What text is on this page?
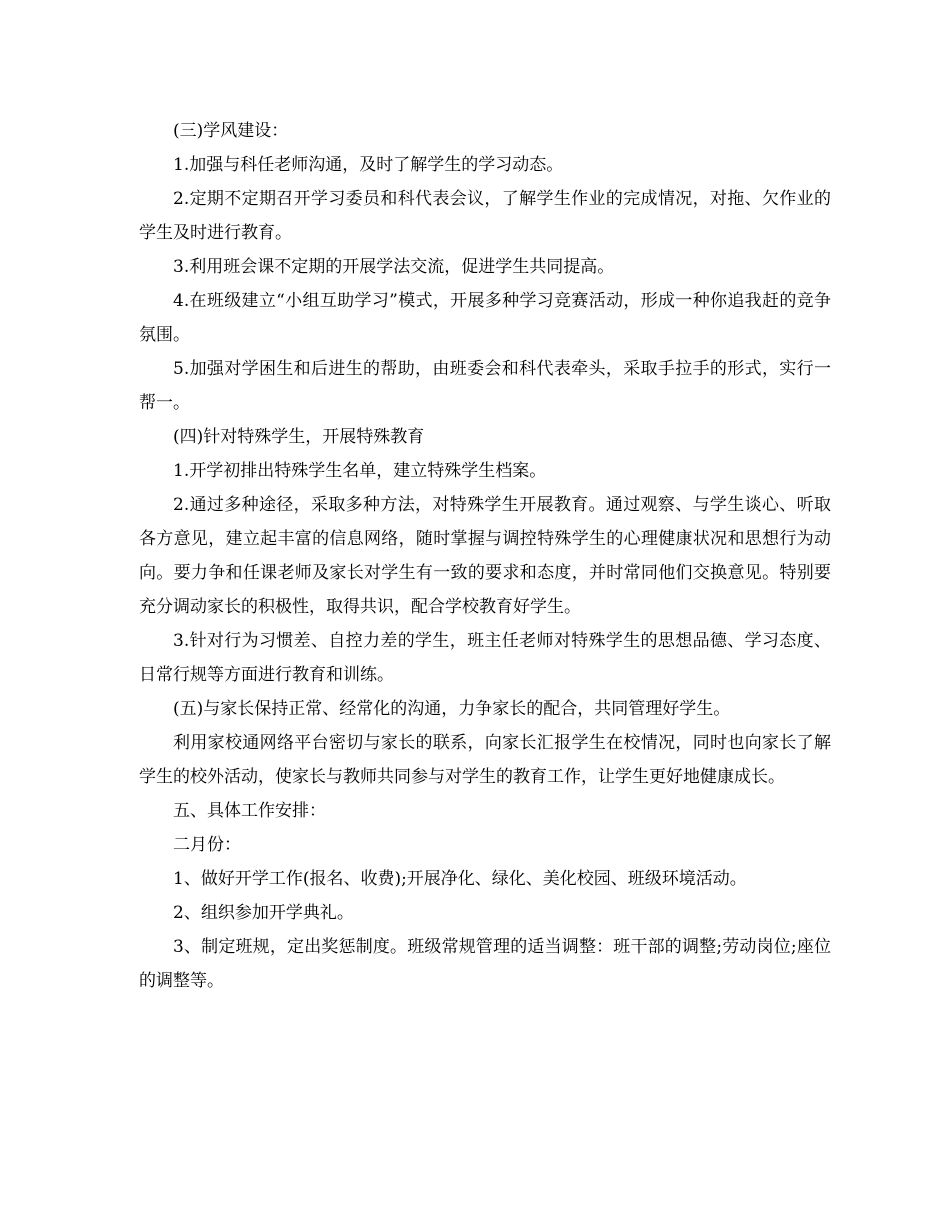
(三)学风建设：

1.加强与科任老师沟通，及时了解学生的学习动态。

2.定期不定期召开学习委员和科代表会议，了解学生作业的完成情况，对拖、欠作业的学生及时进行教育。

3.利用班会课不定期的开展学法交流，促进学生共同提高。

4.在班级建立“小组互助学习”模式，开展多种学习竞赛活动，形成一种你追我赶的竞争氛围。

5.加强对学困生和后进生的帮助，由班委会和科代表牵头，采取手拉手的形式，实行一帮一。

(四)针对特殊学生，开展特殊教育

1.开学初排出特殊学生名单，建立特殊学生档案。

2.通过多种途径，采取多种方法，对特殊学生开展教育。通过观察、与学生谈心、听取各方意见，建立起丰富的信息网络，随时掌握与调控特殊学生的心理健康状况和思想行为动向。要力争和任课老师及家长对学生有一致的要求和态度，并时常同他们交换意见。特别要充分调动家长的积极性，取得共识，配合学校教育好学生。

3.针对行为习惯差、自控力差的学生，班主任老师对特殊学生的思想品德、学习态度、日常行规等方面进行教育和训练。

(五)与家长保持正常、经常化的沟通，力争家长的配合，共同管理好学生。

利用家校通网络平台密切与家长的联系，向家长汇报学生在校情况，同时也向家长了解学生的校外活动，使家长与教师共同参与对学生的教育工作，让学生更好地健康成长。

五、具体工作安排：

二月份：

1、做好开学工作(报名、收费);开展净化、绿化、美化校园、班级环境活动。

2、组织参加开学典礼。

3、制定班规，定出奖惩制度。班级常规管理的适当调整：班干部的调整;劳动岗位;座位的调整等。
